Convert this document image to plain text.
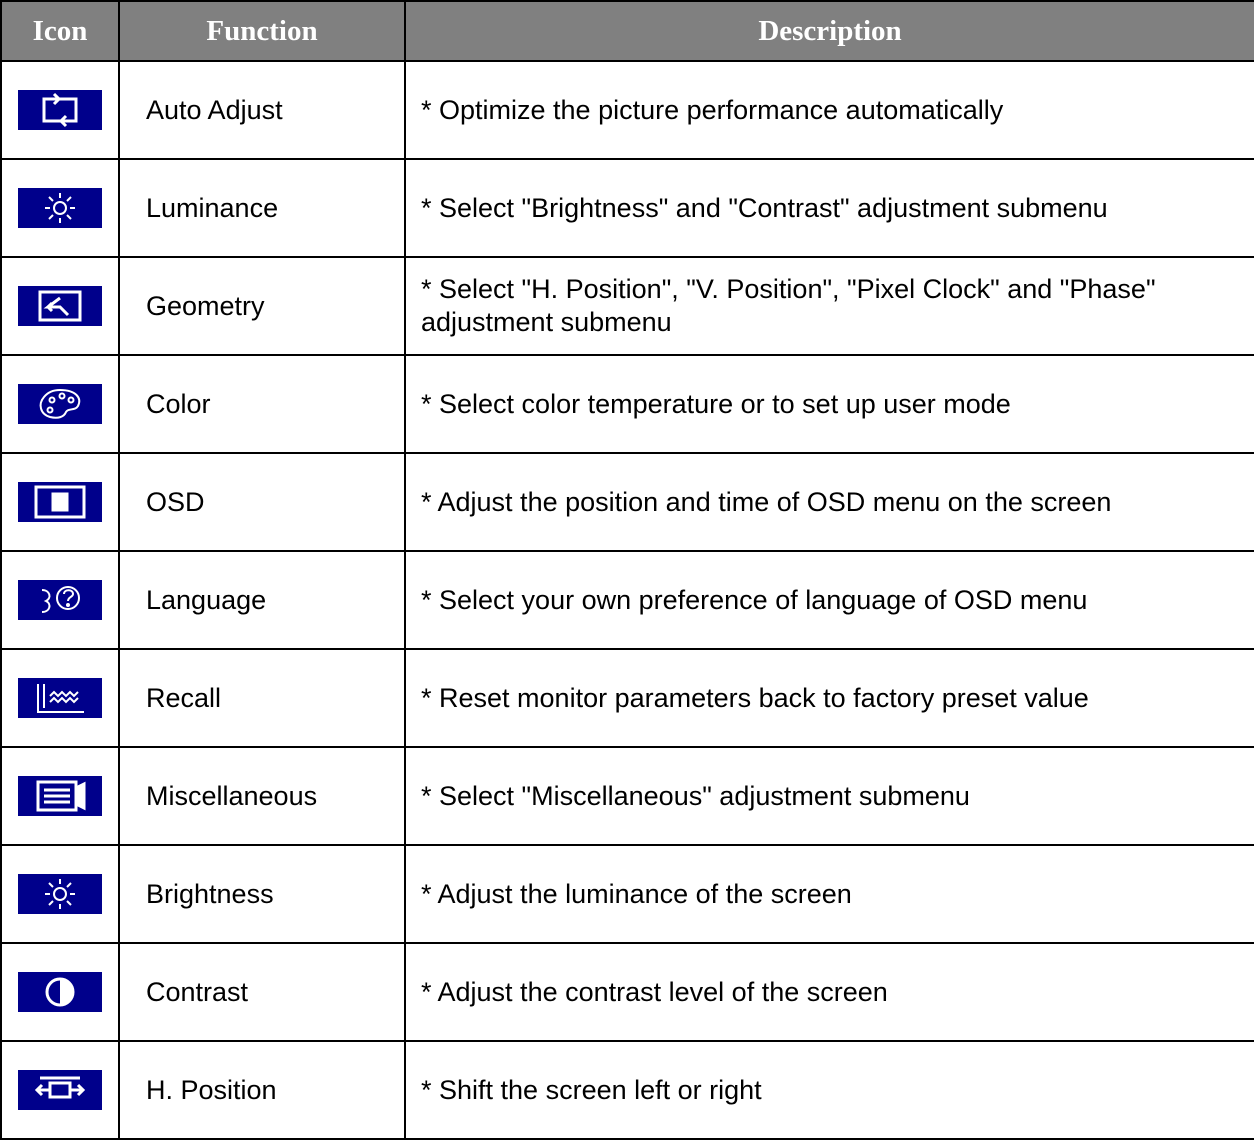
Icon	Function	Description

	Auto Adjust	* Optimize the picture performance automatically

	Luminance	* Select "Brightness" and "Contrast" adjustment submenu

	Geometry	* Select "H. Position", "V. Position", "Pixel Clock" and "Phase" adjustment submenu

	Color	* Select color temperature or to set up user mode

	OSD	* Adjust the position and time of OSD menu on the screen

	Language	* Select your own preference of language of OSD menu

	Recall	* Reset monitor parameters back to factory preset value

	Miscellaneous	* Select "Miscellaneous" adjustment submenu

	Brightness	* Adjust the luminance of the screen

	Contrast	* Adjust the contrast level of the screen

	H. Position	* Shift the screen left or right
